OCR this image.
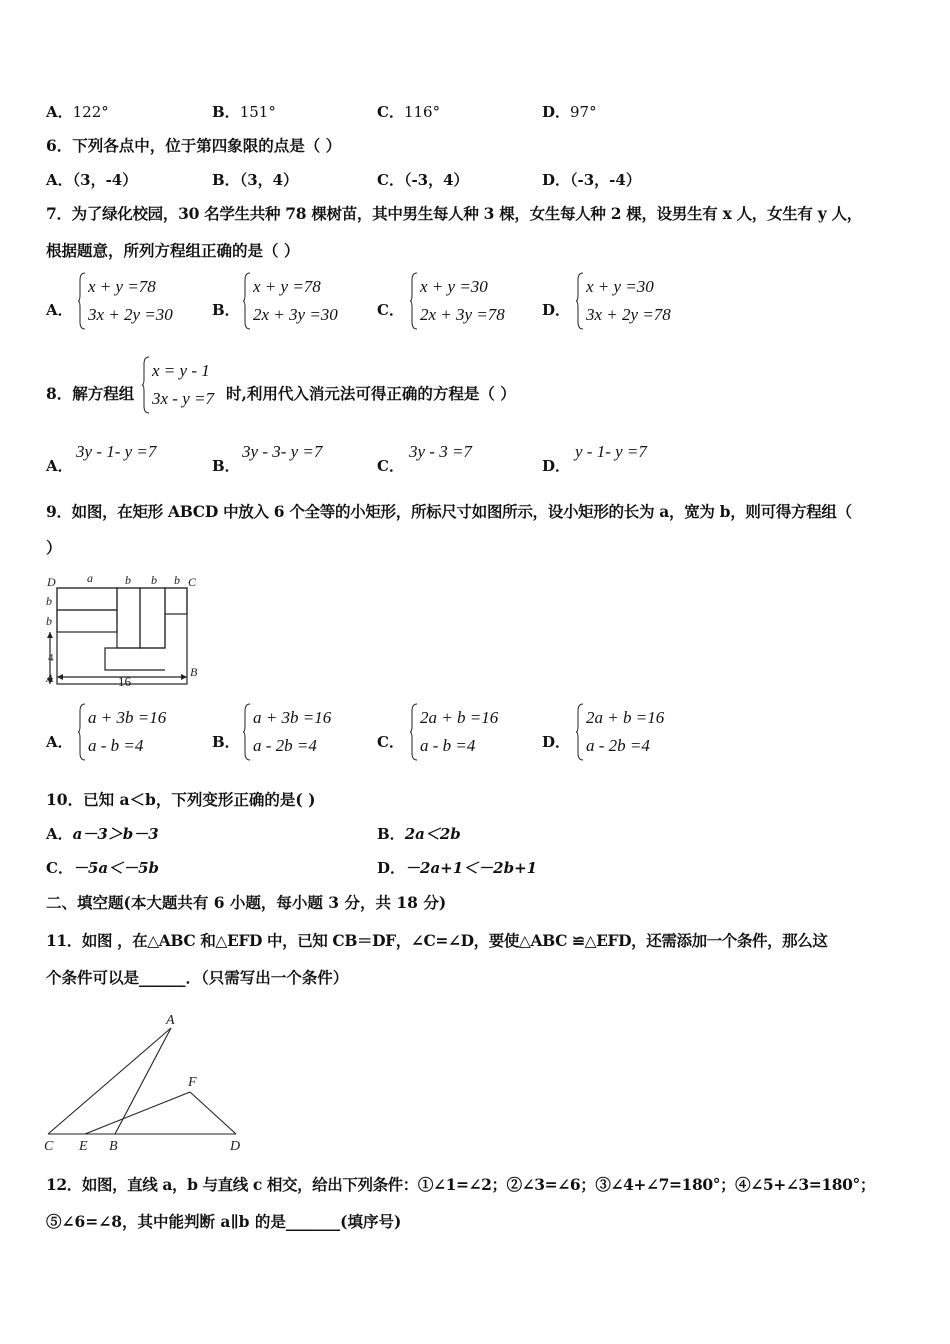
A．122°	B．151°	C．116°	D．97°
6．下列各点中，位于第四象限的点是（ ）
A．（3，-4）	B．（3，4）	C．（-3，4）	D．（-3，-4）
7．为了绿化校园，30 名学生共种 78 棵树苗，其中男生每人种 3 棵，女生每人种 2 棵，设男生有 x 人，女生有 y 人，
根据题意，所列方程组正确的是（ ）
A．
x + y =78
3x + 2y =30	B．
x + y =78
2x + 3y =30	C．
x + y =30
2x + 3y =78 D．
x + y =30
3x + 2y =78
8．解方程组
x = y - 1
3x - y =7 时,利用代入消元法可得正确的方程是（ ）
A．
3y - 1- y =7
B．
3y - 3- y =7
C．
3y - 3 =7
D．
y - 1- y =7
9．如图，在矩形 ABCD 中放入 6 个全等的小矩形，所标尺寸如图所示，设小矩形的长为 a，宽为 b，则可得方程组（
）
D	C
A	B
a	b b b
b
b
4
16
A．
a + 3b =16
a - b =4	B．
a + 3b =16
a - 2b =4	C．
2a + b =16
a - b =4	D．
2a + b =16
a - 2b =4
10．已知 a＜b，下列变形正确的是( )
A．a－3＞b－3	B．2a＜2b
C．－5a＜－5b	D．－2a+1＜－2b+1
二、填空题(本大题共有 6 小题，每小题 3 分，共 18 分)
11．如图 ，在△ABC 和△EFD 中，已知 CB＝DF，∠C=∠D，要使△ABC ≌△EFD，还需添加一个条件，那么这
个条件可以是______．（只需写出一个条件）
A
F
C E B	D
12．如图，直线 a，b 与直线 c 相交，给出下列条件：①∠1=∠2；②∠3=∠6；③∠4+∠7=180°；④∠5+∠3=180°；
⑤∠6=∠8，其中能判断 a∥b 的是_______(填序号)
